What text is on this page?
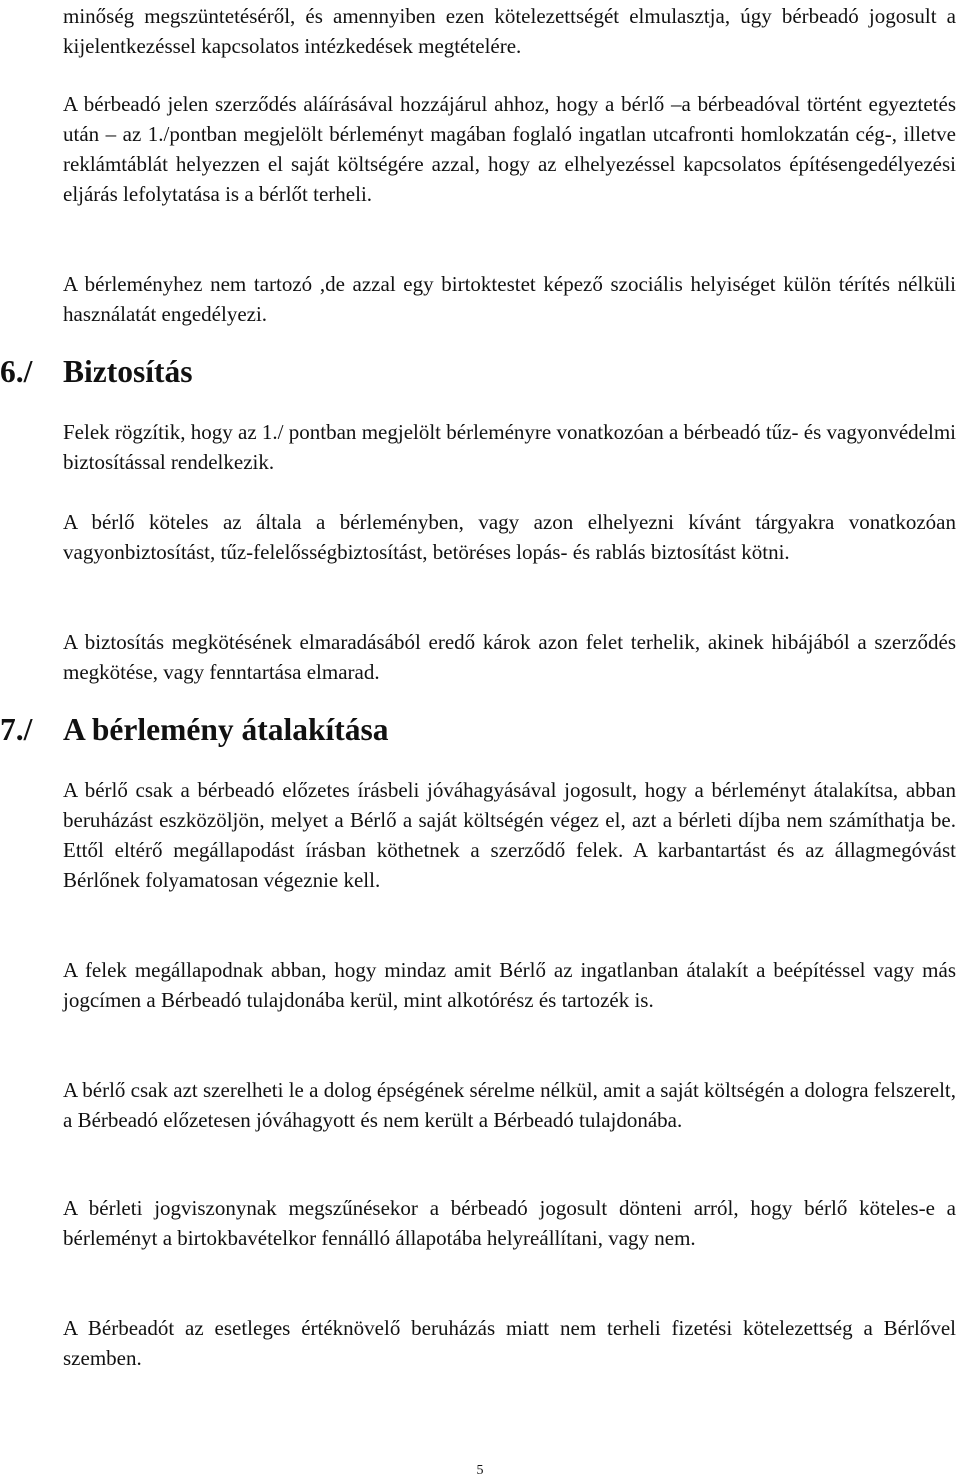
minőség megszüntetéséről, és amennyiben ezen kötelezettségét elmulasztja, úgy bérbeadó jogosult a kijelentkezéssel kapcsolatos intézkedések megtételére.

A bérbeadó jelen szerződés aláírásával hozzájárul ahhoz, hogy a bérlő –a bérbeadóval történt egyeztetés után – az 1./pontban megjelölt bérleményt magában foglaló ingatlan utcafronti homlokzatán cég-, illetve reklámtáblát helyezzen el saját költségére azzal, hogy az elhelyezéssel kapcsolatos építésengedélyezési eljárás lefolytatása is a bérlőt terheli.

A bérleményhez nem tartozó ,de azzal egy birtoktestet képező szociális helyiséget külön térítés nélküli használatát engedélyezi.

6./ Biztosítás

Felek rögzítik, hogy az 1./ pontban megjelölt bérleményre vonatkozóan a bérbeadó tűz- és vagyonvédelmi biztosítással rendelkezik.

A bérlő köteles az általa a bérleményben, vagy azon elhelyezni kívánt tárgyakra vonatkozóan vagyonbiztosítást, tűz-felelősségbiztosítást, betöréses lopás- és rablás biztosítást kötni.

A biztosítás megkötésének elmaradásából eredő károk azon felet terhelik, akinek hibájából a szerződés megkötése, vagy fenntartása elmarad.

7./ A bérlemény átalakítása

A bérlő csak a bérbeadó előzetes írásbeli jóváhagyásával jogosult, hogy a bérleményt átalakítsa, abban beruházást eszközöljön, melyet a Bérlő a saját költségén végez el, azt a bérleti díjba nem számíthatja be. Ettől eltérő megállapodást írásban köthetnek a szerződő felek. A karbantartást és az állagmegóvást Bérlőnek folyamatosan végeznie kell.

A felek megállapodnak abban, hogy mindaz amit Bérlő az ingatlanban átalakít a beépítéssel vagy más jogcímen a Bérbeadó tulajdonába kerül, mint alkotórész és tartozék is.

A bérlő csak azt szerelheti le a dolog épségének sérelme nélkül, amit a saját költségén a dologra felszerelt, a Bérbeadó előzetesen jóváhagyott és nem került a Bérbeadó tulajdonába.

A bérleti jogviszonynak megszűnésekor a bérbeadó jogosult dönteni arról, hogy bérlő köteles-e a bérleményt a birtokbavételkor fennálló állapotába helyreállítani, vagy nem.

A Bérbeadót az esetleges értéknövelő beruházás miatt nem terheli fizetési kötelezettség a Bérlővel szemben.

5
